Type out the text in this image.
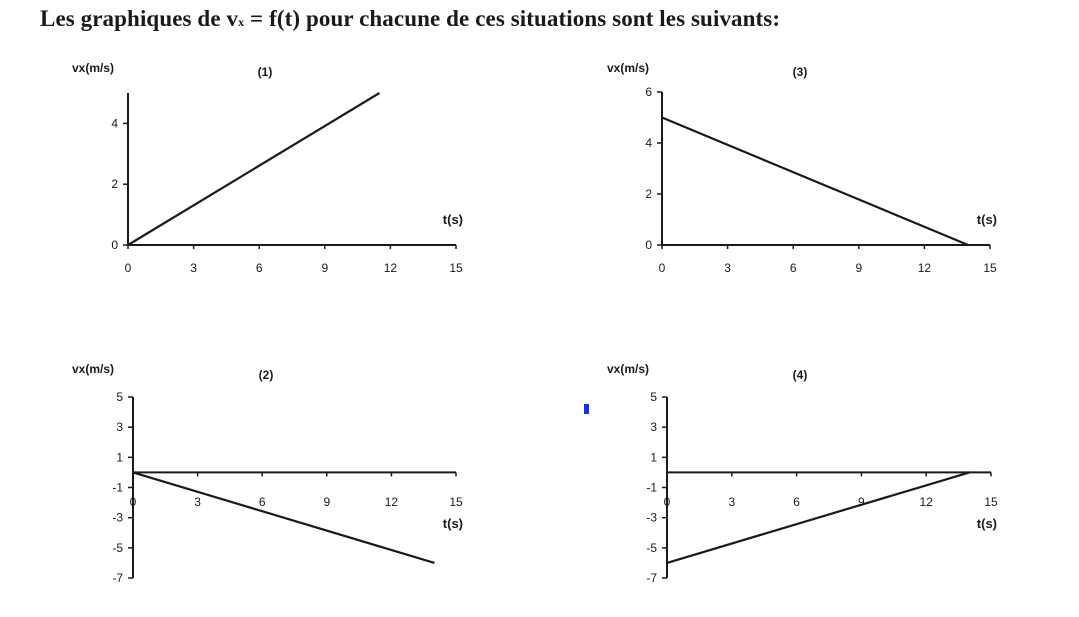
Les graphiques de vx = f(t) pour chacune de ces situations sont les suivants:
0
2
4
0	3	6	9	12	15
vx(m/s)
t(s)
(1)
0
2
4
6
0	3	6	9	12	15
vx(m/s)
t(s)
(3)
5
3
1
-1
-3
-5
-7
0	3	6	9	12	15
vx(m/s)
t(s)
(2)
5
3
1
-1
-3
-5
-7
0	3	6	9	12	15
vx(m/s)
t(s)
(4)
